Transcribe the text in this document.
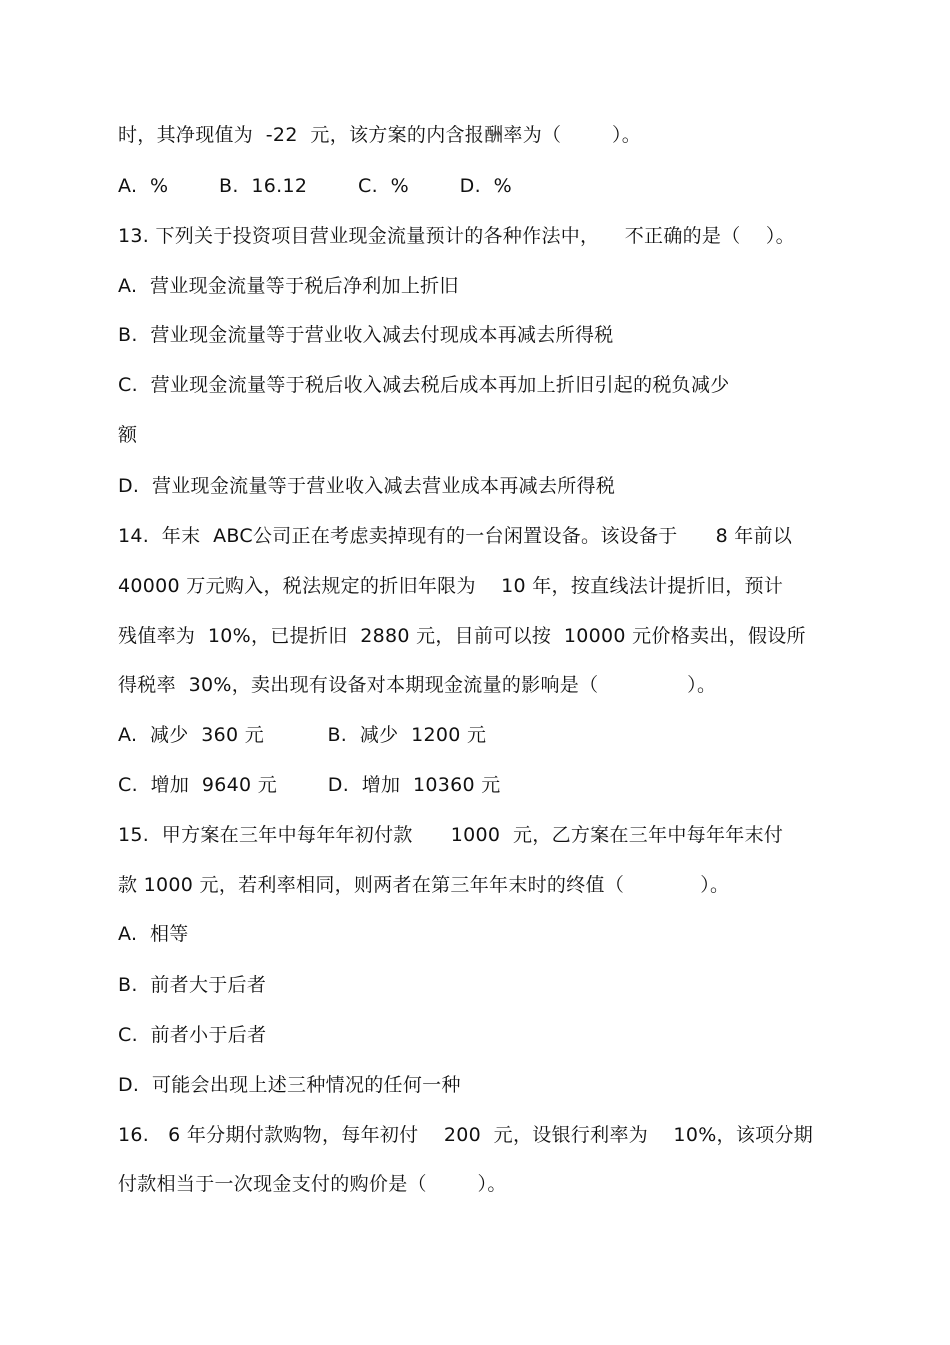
时，其净现值为  -22  元，该方案的内含报酬率为（        ）。
A.  %        B.  16.12        C.  %        D.  %
13. 下列关于投资项目营业现金流量预计的各种作法中，    不正确的是（    ）。
A.  营业现金流量等于税后净利加上折旧
B.  营业现金流量等于营业收入减去付现成本再减去所得税
C.  营业现金流量等于税后收入减去税后成本再加上折旧引起的税负减少
额
D.  营业现金流量等于营业收入减去营业成本再减去所得税
14.  年末  ABC公司正在考虑卖掉现有的一台闲置设备。该设备于      8 年前以
40000 万元购入，税法规定的折旧年限为    10 年，按直线法计提折旧，预计
残值率为  10%，已提折旧  2880 元，目前可以按  10000 元价格卖出，假设所
得税率  30%，卖出现有设备对本期现金流量的影响是（              ）。
A.  减少  360 元          B.  减少  1200 元
C.  增加  9640 元        D.  增加  10360 元
15.  甲方案在三年中每年年初付款      1000  元，乙方案在三年中每年年末付
款 1000 元，若利率相同，则两者在第三年年末时的终值（            ）。
A.  相等
B.  前者大于后者
C.  前者小于后者
D.  可能会出现上述三种情况的任何一种
16.   6 年分期付款购物，每年初付    200  元，设银行利率为    10%，该项分期
付款相当于一次现金支付的购价是（        ）。
